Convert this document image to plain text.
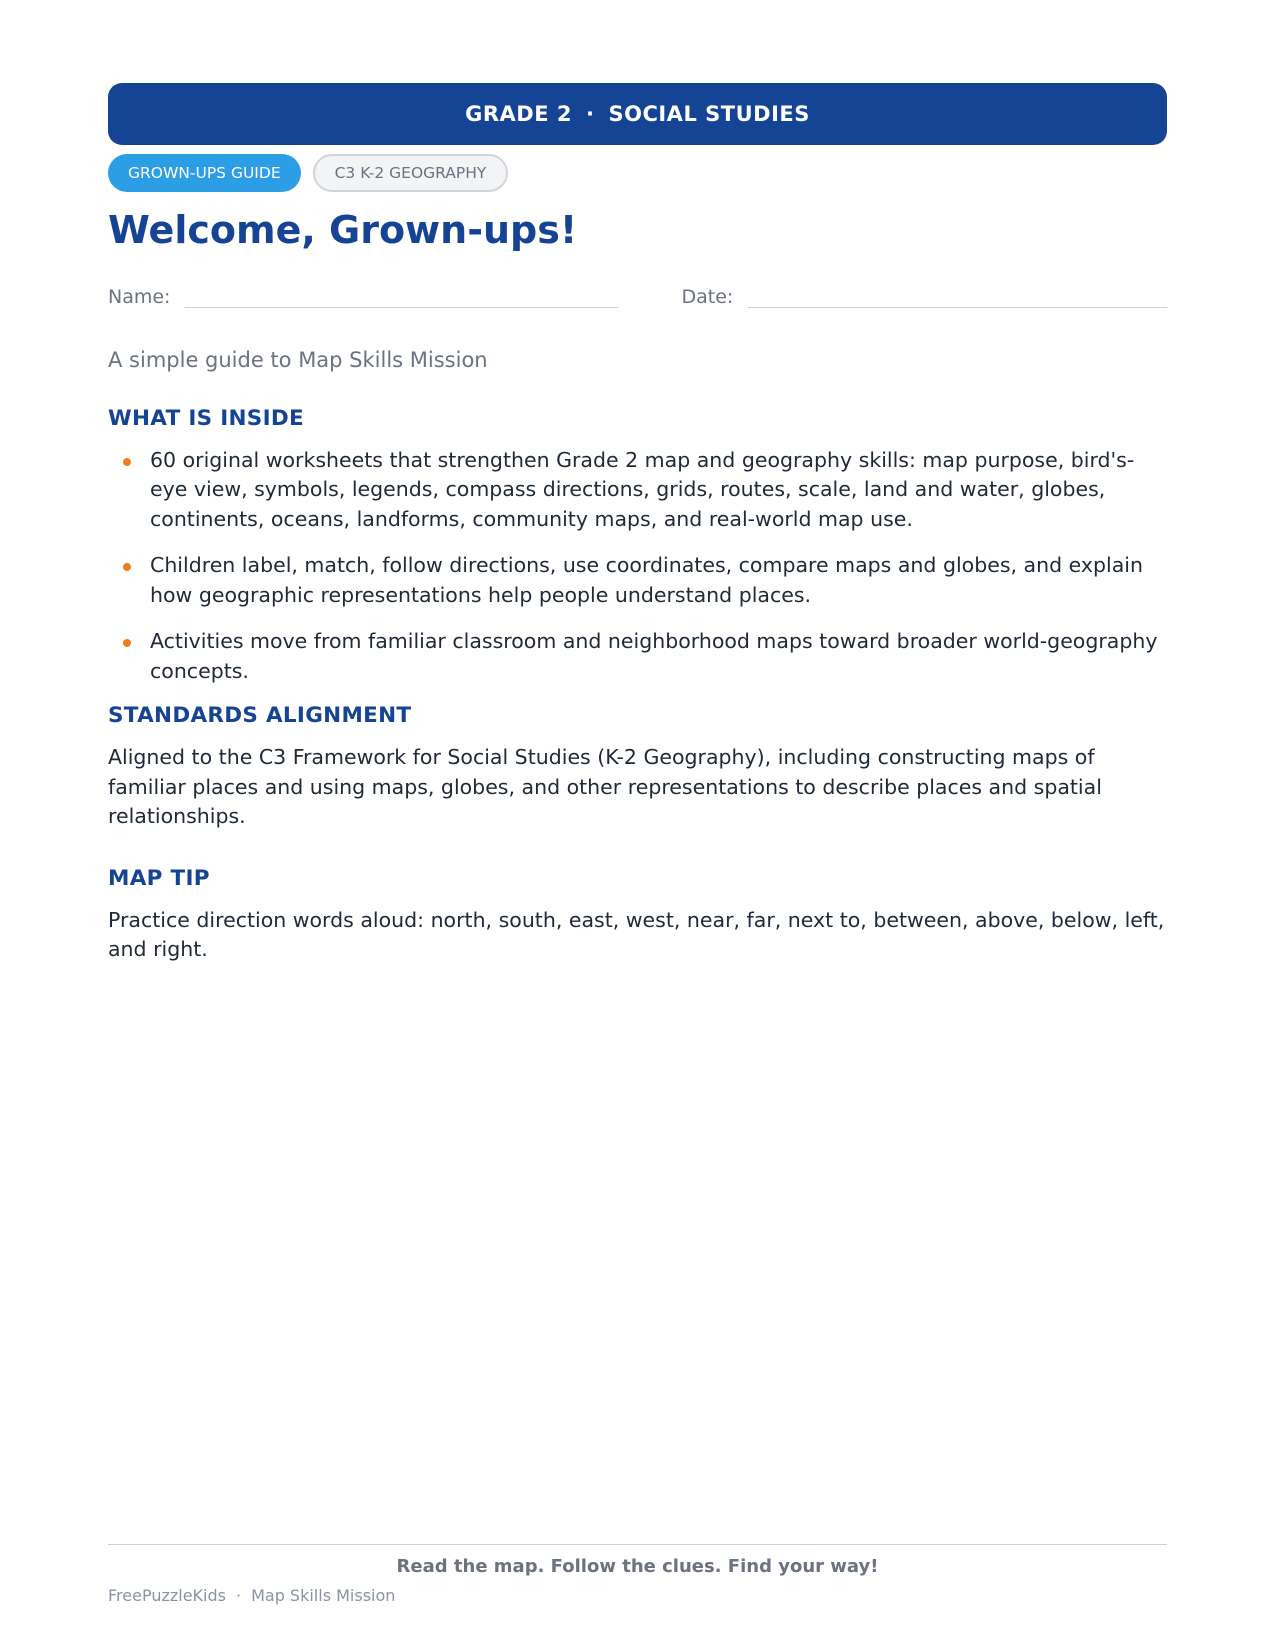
GRADE 2 · SOCIAL STUDIES
GROWN-UPS GUIDE	C3 K-2 GEOGRAPHY
Welcome, Grown-ups!
Name:	Date:
A simple guide to Map Skills Mission
WHAT IS INSIDE
60 original worksheets that strengthen Grade 2 map and geography skills: map purpose, bird's-eye view, symbols, legends, compass directions, grids, routes, scale, land and water, globes, continents, oceans, landforms, community maps, and real-world map use.
Children label, match, follow directions, use coordinates, compare maps and globes, and explain how geographic representations help people understand places.
Activities move from familiar classroom and neighborhood maps toward broader world-geography concepts.
STANDARDS ALIGNMENT
Aligned to the C3 Framework for Social Studies (K-2 Geography), including constructing maps of familiar places and using maps, globes, and other representations to describe places and spatial relationships.
MAP TIP
Practice direction words aloud: north, south, east, west, near, far, next to, between, above, below, left, and right.
Read the map. Follow the clues. Find your way!
FreePuzzleKids · Map Skills Mission
